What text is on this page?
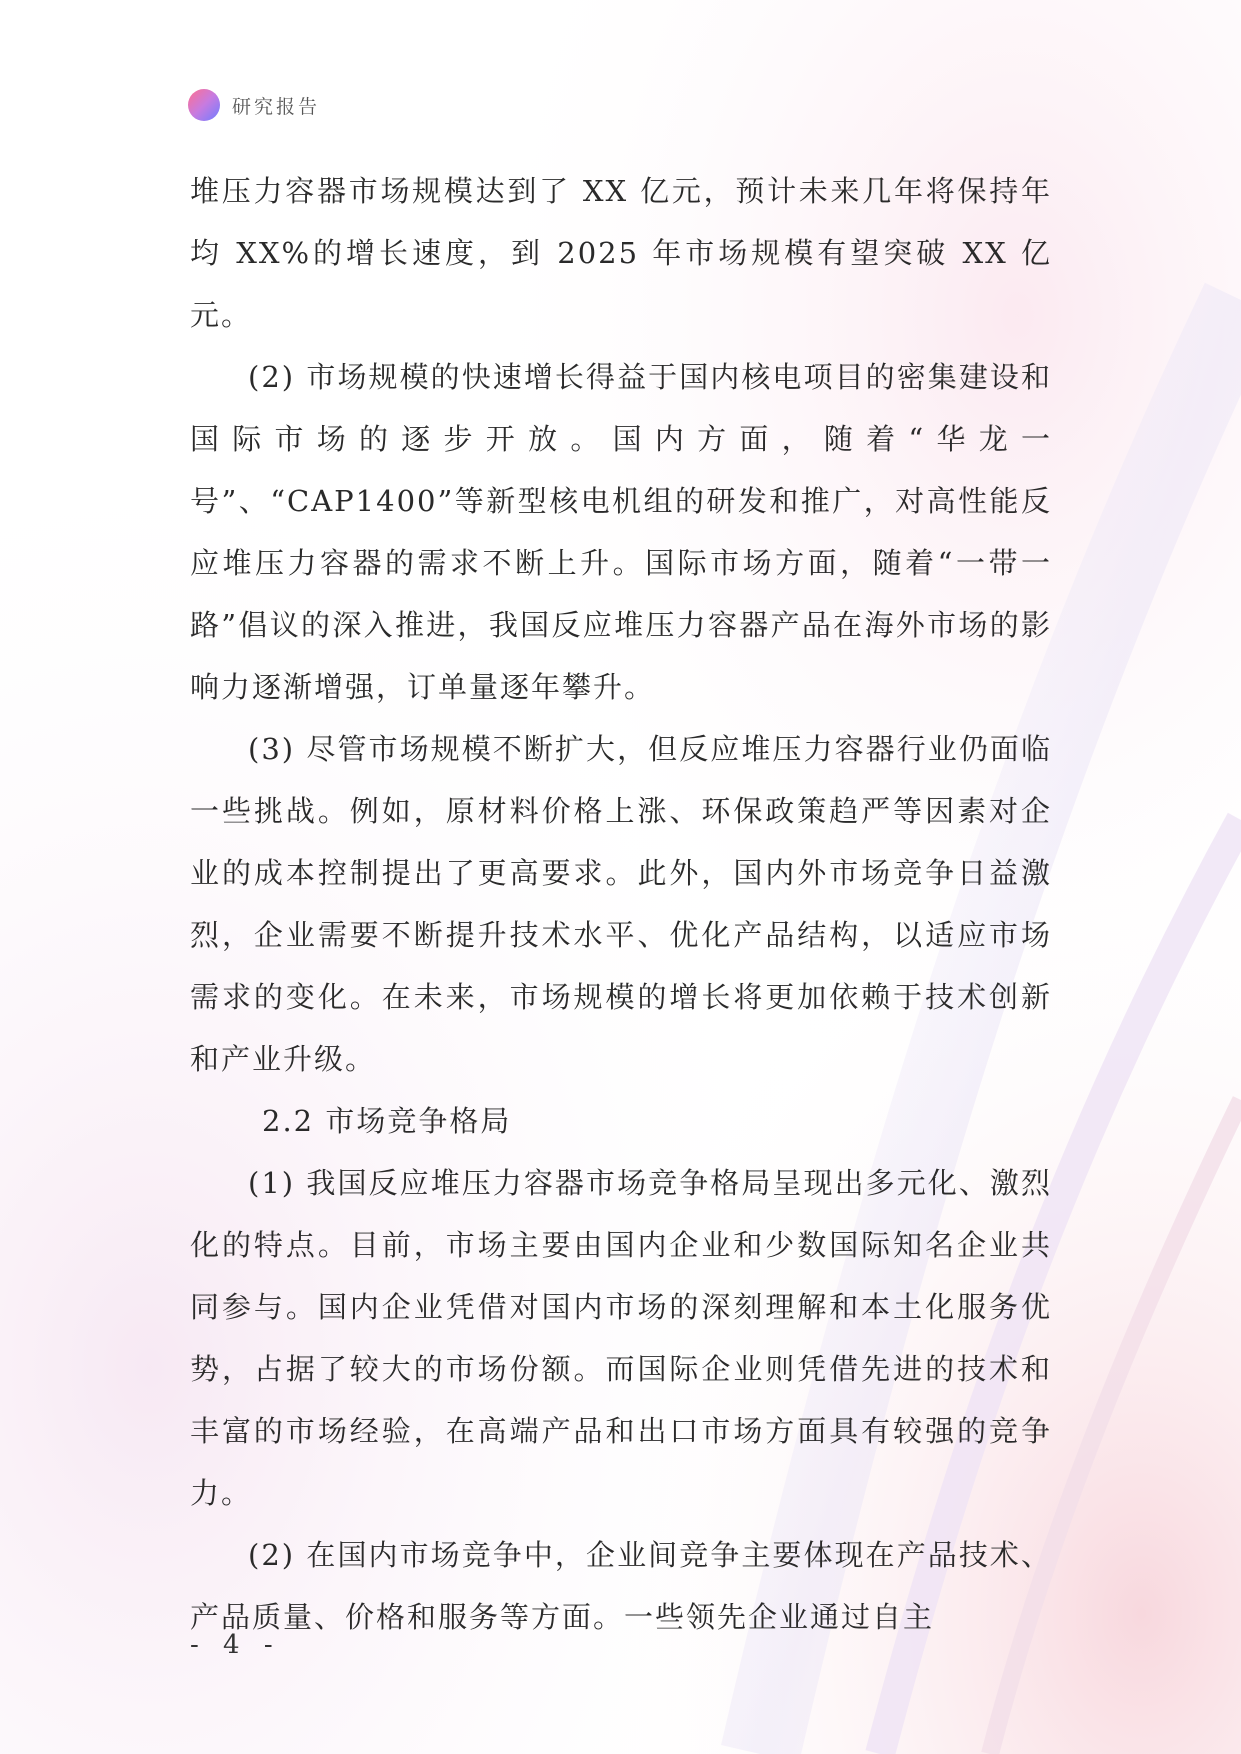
研究报告

堆压力容器市场规模达到了 XX 亿元，预计未来几年将保持年均 XX%的增长速度，到 2025 年市场规模有望突破 XX 亿元。

(2) 市场规模的快速增长得益于国内核电项目的密集建设和国际市场的逐步开放。国内方面，随着“华龙一号”、“CAP1400”等新型核电机组的研发和推广，对高性能反应堆压力容器的需求不断上升。国际市场方面，随着“一带一路”倡议的深入推进，我国反应堆压力容器产品在海外市场的影响力逐渐增强，订单量逐年攀升。

(3) 尽管市场规模不断扩大，但反应堆压力容器行业仍面临一些挑战。例如，原材料价格上涨、环保政策趋严等因素对企业的成本控制提出了更高要求。此外，国内外市场竞争日益激烈，企业需要不断提升技术水平、优化产品结构，以适应市场需求的变化。在未来，市场规模的增长将更加依赖于技术创新和产业升级。

2.2 市场竞争格局

(1) 我国反应堆压力容器市场竞争格局呈现出多元化、激烈化的特点。目前，市场主要由国内企业和少数国际知名企业共同参与。国内企业凭借对国内市场的深刻理解和本土化服务优势，占据了较大的市场份额。而国际企业则凭借先进的技术和丰富的市场经验，在高端产品和出口市场方面具有较强的竞争力。

(2) 在国内市场竞争中，企业间竞争主要体现在产品技术、产品质量、价格和服务等方面。一些领先企业通过自主

- 4 -
